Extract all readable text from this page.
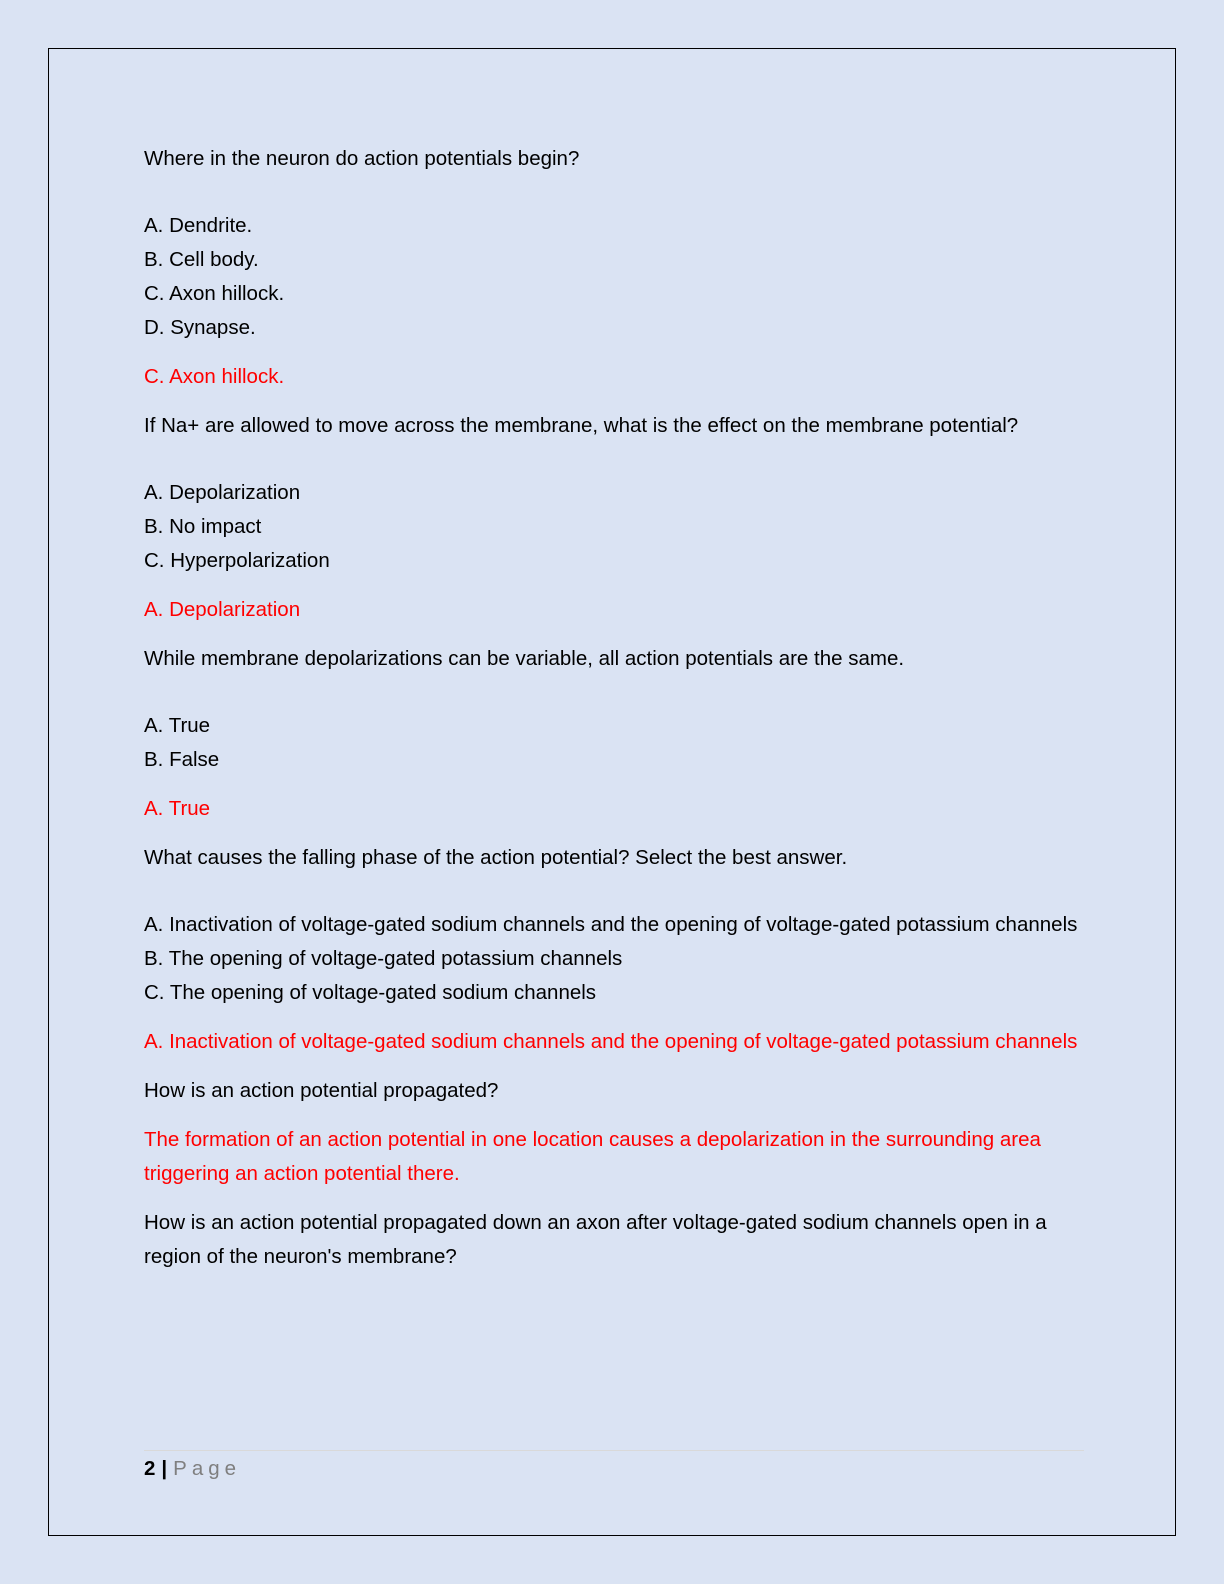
Where in the neuron do action potentials begin?

A. Dendrite.

B. Cell body.

C. Axon hillock.

D. Synapse.

C. Axon hillock.

If Na+ are allowed to move across the membrane, what is the effect on the membrane potential?

A. Depolarization

B. No impact

C. Hyperpolarization

A. Depolarization

While membrane depolarizations can be variable, all action potentials are the same.

A. True

B. False

A. True

What causes the falling phase of the action potential? Select the best answer.

A. Inactivation of voltage-gated sodium channels and the opening of voltage-gated potassium channels

B. The opening of voltage-gated potassium channels

C. The opening of voltage-gated sodium channels

A. Inactivation of voltage-gated sodium channels and the opening of voltage-gated potassium channels

How is an action potential propagated?

The formation of an action potential in one location causes a depolarization in the surrounding area triggering an action potential there.

How is an action potential propagated down an axon after voltage-gated sodium channels open in a region of the neuron's membrane?

2 | Page
